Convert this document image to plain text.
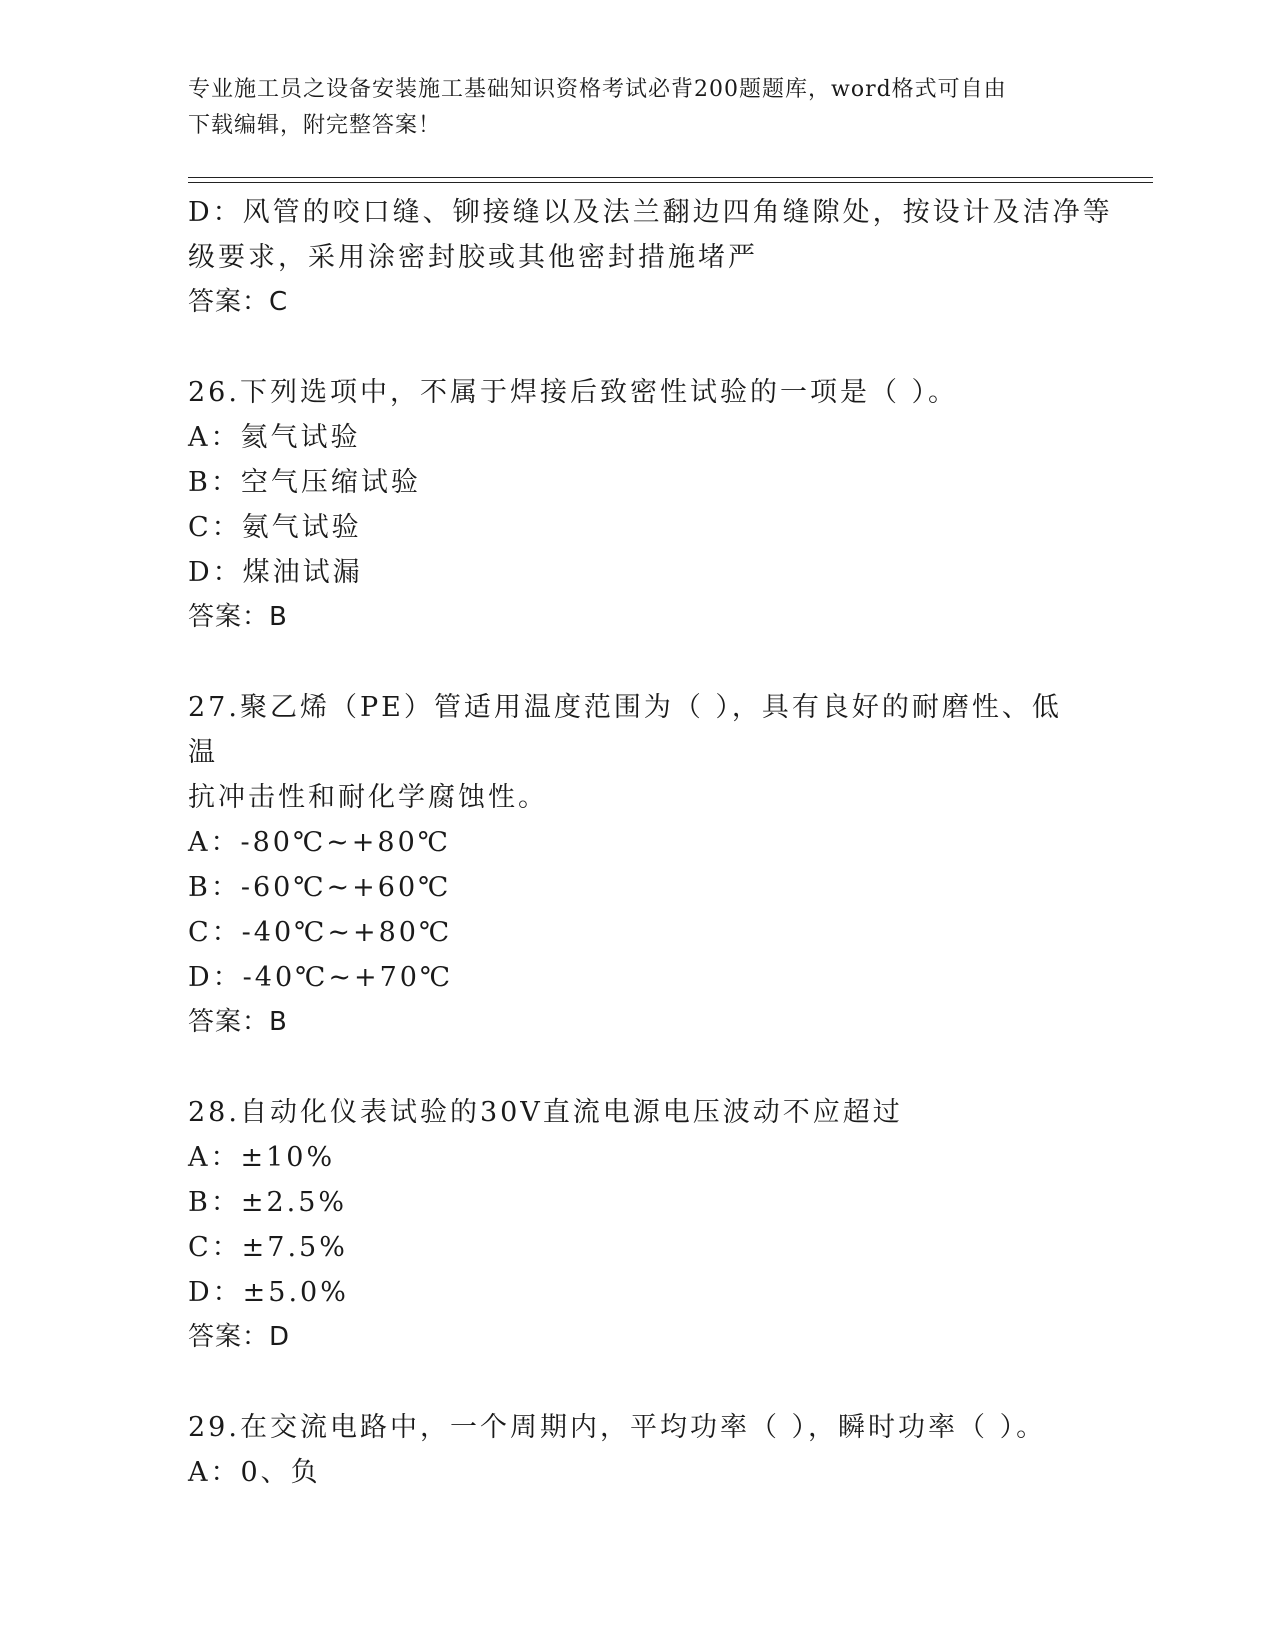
专业施工员之设备安装施工基础知识资格考试必背200题题库，word格式可自由
下载编辑，附完整答案！
D：风管的咬口缝、铆接缝以及法兰翻边四角缝隙处，按设计及洁净等
级要求，采用涂密封胶或其他密封措施堵严
答案：C
26.下列选项中，不属于焊接后致密性试验的一项是（ ）。
A：氦气试验
B：空气压缩试验
C：氨气试验
D：煤油试漏
答案：B
27.聚乙烯（PE）管适用温度范围为（ ），具有良好的耐磨性、低温
抗冲击性和耐化学腐蚀性。
A：-80℃~+80℃
B：-60℃~+60℃
C：-40℃~+80℃
D：-40℃~+70℃
答案：B
28.自动化仪表试验的30V直流电源电压波动不应超过
A：±10%
B：±2.5%
C：±7.5%
D：±5.0%
答案：D
29.在交流电路中，一个周期内，平均功率（ ），瞬时功率（ ）。
A：0、负
